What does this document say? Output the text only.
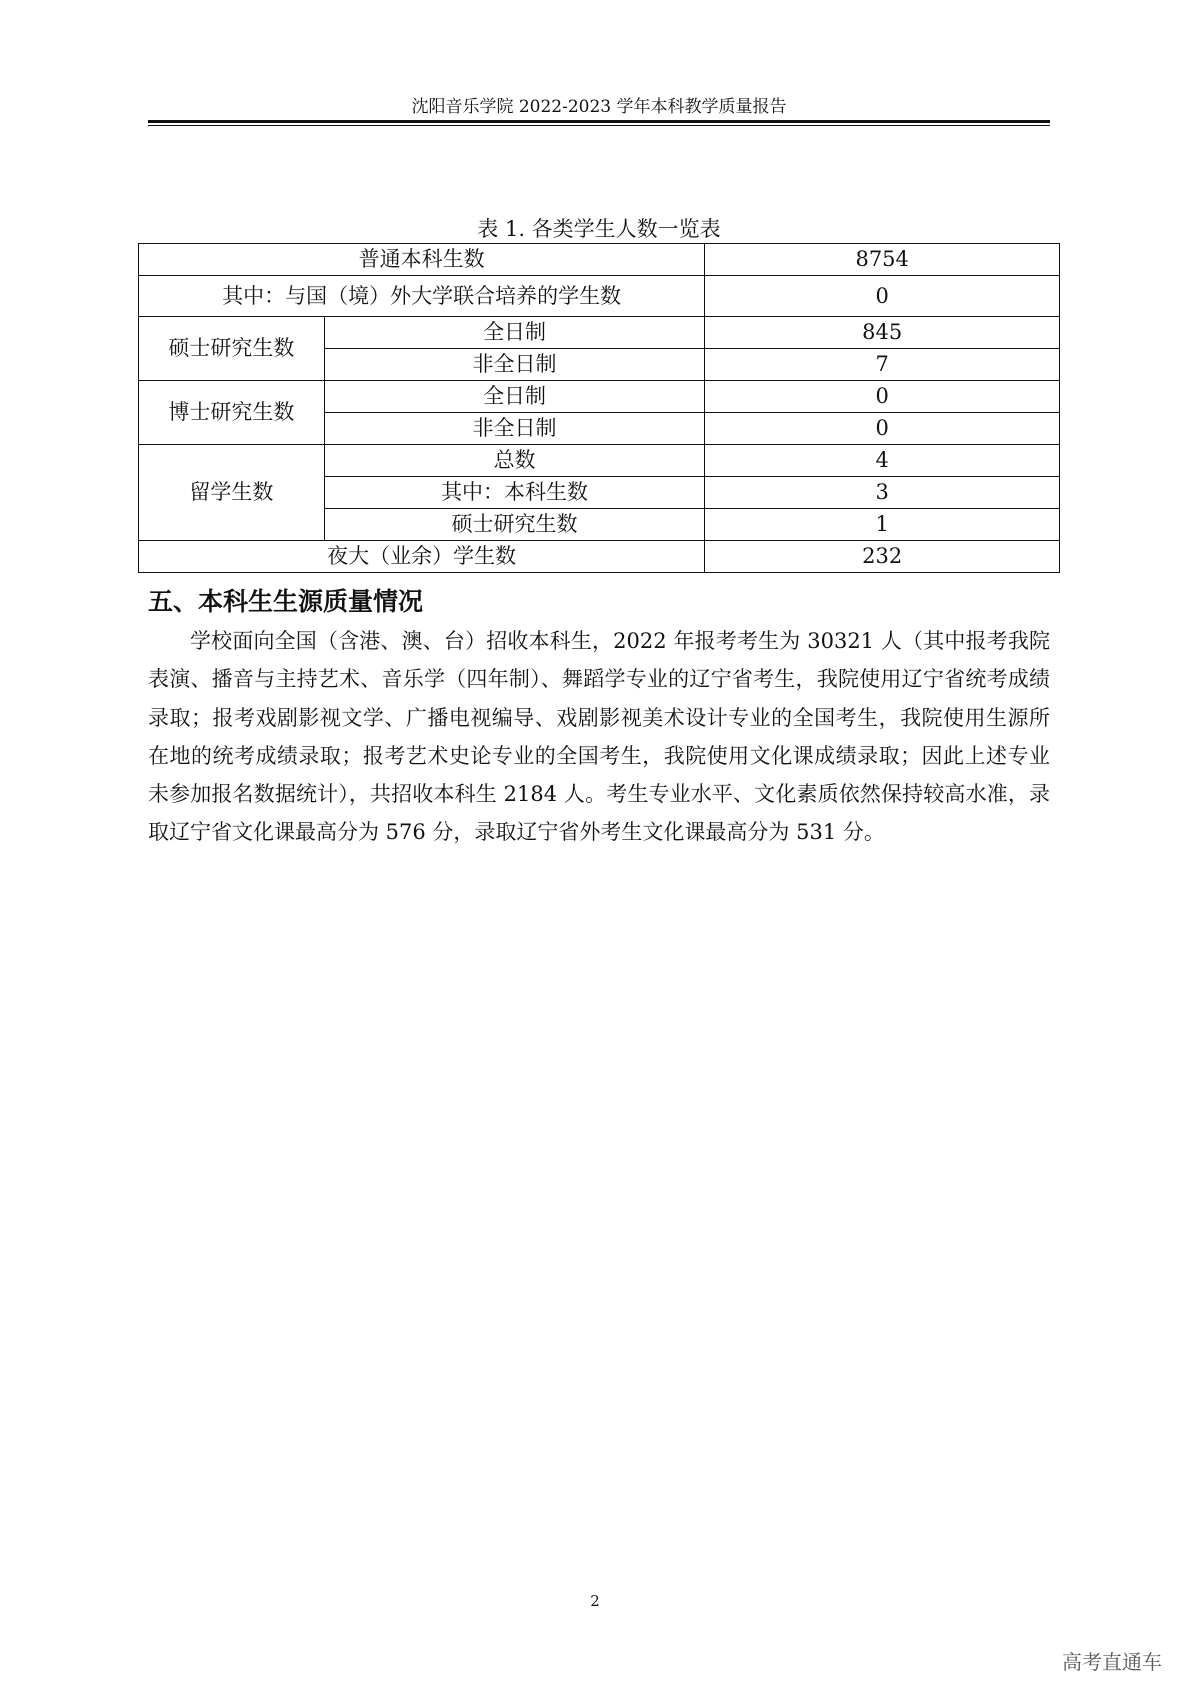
沈阳音乐学院 2022-2023 学年本科教学质量报告
表 1. 各类学生人数一览表
普通本科生数		8754
其中：与国（境）外大学联合培养的学生数		0
硕士研究生数	全日制	845
	非全日制	7
博士研究生数	全日制	0
	非全日制	0
留学生数	总数	4
	其中：本科生数	3
	硕士研究生数	1
夜大（业余）学生数		232
五、本科生生源质量情况

学校面向全国（含港、澳、台）招收本科生，2022 年报考考生为 30321 人（其中报考我院表演、播音与主持艺术、音乐学（四年制）、舞蹈学专业的辽宁省考生，我院使用辽宁省统考成绩录取；报考戏剧影视文学、广播电视编导、戏剧影视美术设计专业的全国考生，我院使用生源所在地的统考成绩录取；报考艺术史论专业的全国考生，我院使用文化课成绩录取；因此上述专业未参加报名数据统计），共招收本科生 2184 人。考生专业水平、文化素质依然保持较高水准，录取辽宁省文化课最高分为 576 分，录取辽宁省外考生文化课最高分为 531 分。

2
高考直通车
